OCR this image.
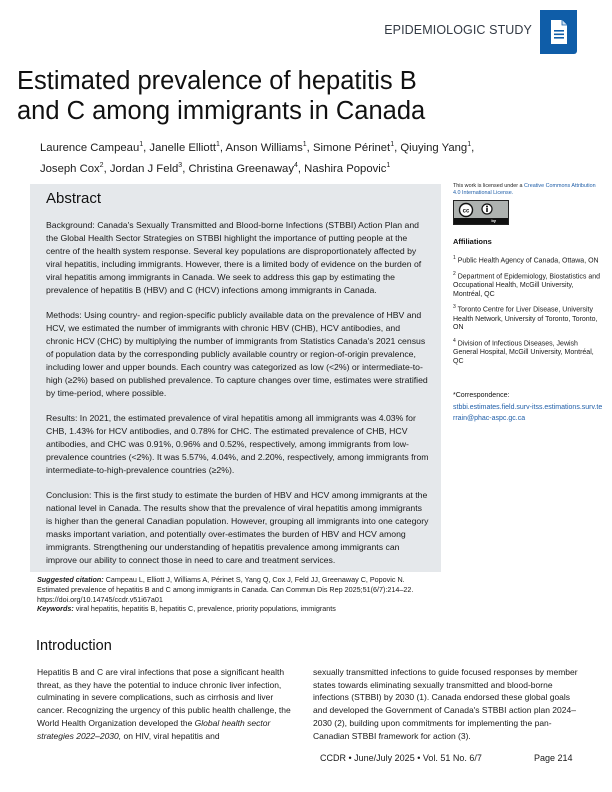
EPIDEMIOLOGIC STUDY
Estimated prevalence of hepatitis B and C among immigrants in Canada
Laurence Campeau$^1$, Janelle Elliott$^1$, Anson Williams$^1$, Simone Périnet$^1$, Qiuying Yang$^1$,
Joseph Cox$^2$, Jordan J Feld$^3$, Christina Greenaway$^4$, Nashira Popovic$^1$
Abstract

Background: Canada's Sexually Transmitted and Blood-borne Infections (STBBI) Action Plan and the Global Health Sector Strategies on STBBI highlight the importance of putting people at the centre of the health system response. Several key populations are disproportionately affected by viral hepatitis, including immigrants. However, there is a limited body of evidence on the burden of viral hepatitis among immigrants in Canada. We seek to address this gap by estimating the prevalence of hepatitis B (HBV) and C (HCV) infections among immigrants in Canada.

Methods: Using country- and region-specific publicly available data on the prevalence of HBV and HCV, we estimated the number of immigrants with chronic HBV (CHB), HCV antibodies, and chronic HCV (CHC) by multiplying the number of immigrants from Statistics Canada's 2021 census of population data by the corresponding publicly available country or region-of-origin prevalence, including lower and upper bounds. Each country was categorized as low (<2%) or intermediate-to-high (≥2%) based on published prevalence. To capture changes over time, estimates were stratified by time-period, where possible.

Results: In 2021, the estimated prevalence of viral hepatitis among all immigrants was 4.03% for CHB, 1.43% for HCV antibodies, and 0.78% for CHC. The estimated prevalence of CHB, HCV antibodies, and CHC was 0.91%, 0.96% and 0.52%, respectively, among immigrants from low-prevalence countries (<2%). It was 5.57%, 4.04%, and 2.20%, respectively, among immigrants from intermediate-to-high-prevalence countries (≥2%).

Conclusion: This is the first study to estimate the burden of HBV and HCV among immigrants at the national level in Canada. The results show that the prevalence of viral hepatitis among immigrants is higher than the general Canadian population. However, grouping all immigrants into one category masks important variation, and potentially over-estimates the burden of HBV and HCV among immigrants. Strengthening our understanding of hepatitis prevalence among immigrants can improve our ability to connect those in need to care and treatment services.

This work is licensed under a Creative Commons Attribution 4.0 International License.
cc
by
Affiliations
$^1$ Public Health Agency of Canada, Ottawa, ON
$^2$ Department of Epidemiology, Biostatistics and Occupational Health, McGill University, Montréal, QC
$^3$ Toronto Centre for Liver Disease, University Health Network, University of Toronto, Toronto, ON
$^4$ Division of Infectious Diseases, Jewish General Hospital, McGill University, Montréal, QC
*Correspondence:
stbbi.estimates.field.surv-itss.estimations.surv.terrain@phac-aspc.gc.ca
Suggested citation: Campeau L, Elliott J, Williams A, Périnet S, Yang Q, Cox J, Feld JJ, Greenaway C, Popovic N. Estimated prevalence of hepatitis B and C among immigrants in Canada. Can Commun Dis Rep 2025;51(6/7):214–22. https://doi.org/10.14745/ccdr.v51i67a01
Keywords: viral hepatitis, hepatitis B, hepatitis C, prevalence, priority populations, immigrants
Introduction
Hepatitis B and C are viral infections that pose a significant health threat, as they have the potential to induce chronic liver infection, culminating in severe complications, such as cirrhosis and liver cancer. Recognizing the urgency of this public health challenge, the World Health Organization developed the Global health sector strategies 2022–2030, on HIV, viral hepatitis and
sexually transmitted infections to guide focused responses by member states towards eliminating sexually transmitted and blood-borne infections (STBBI) by 2030 (1). Canada endorsed these global goals and developed the Government of Canada's STBBI action plan 2024–2030 (2), building upon commitments for implementing the pan-Canadian STBBI framework for action (3).
CCDR • June/July 2025 • Vol. 51 No. 6/7	Page 214
